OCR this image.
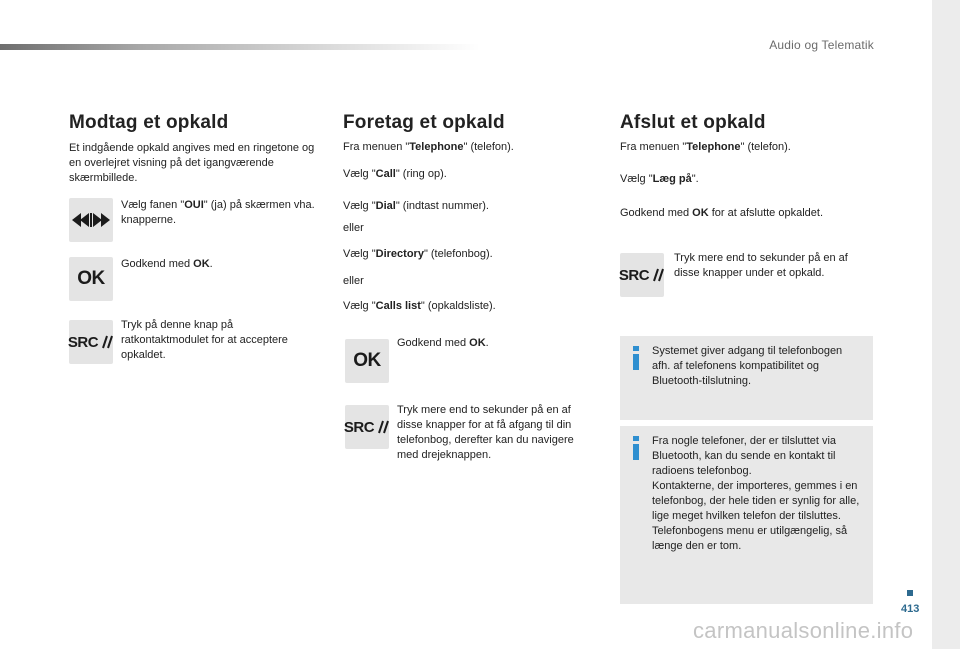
Audio og Telematik
Modtag et opkald
Et indgående opkald angives med en ringetone og en overlejret visning på det igangværende skærmbillede.
Vælg fanen "OUI" (ja) på skærmen vha. knapperne.
OK
Godkend med OK.
SRC
Tryk på denne knap på ratkontaktmodulet for at acceptere opkaldet.
Foretag et opkald
Fra menuen "Telephone" (telefon).
Vælg "Call" (ring op).
Vælg "Dial" (indtast nummer).
eller
Vælg "Directory" (telefonbog).
eller
Vælg "Calls list" (opkaldsliste).
OK
Godkend med OK.
SRC
Tryk mere end to sekunder på en af disse knapper for at få afgang til din telefonbog, derefter kan du navigere med drejeknappen.
Afslut et opkald
Fra menuen "Telephone" (telefon).
Vælg "Læg på".
Godkend med OK for at afslutte opkaldet.
SRC
Tryk mere end to sekunder på en af disse knapper under et opkald.
Systemet giver adgang til telefonbogen afh. af telefonens kompatibilitet og Bluetooth-tilslutning.
Fra nogle telefoner, der er tilsluttet via Bluetooth, kan du sende en kontakt til radioens telefonbog.
Kontakterne, der importeres, gemmes i en telefonbog, der hele tiden er synlig for alle, lige meget hvilken telefon der tilsluttes.
Telefonbogens menu er utilgængelig, så længe den er tom.
413
carmanualsonline.info
